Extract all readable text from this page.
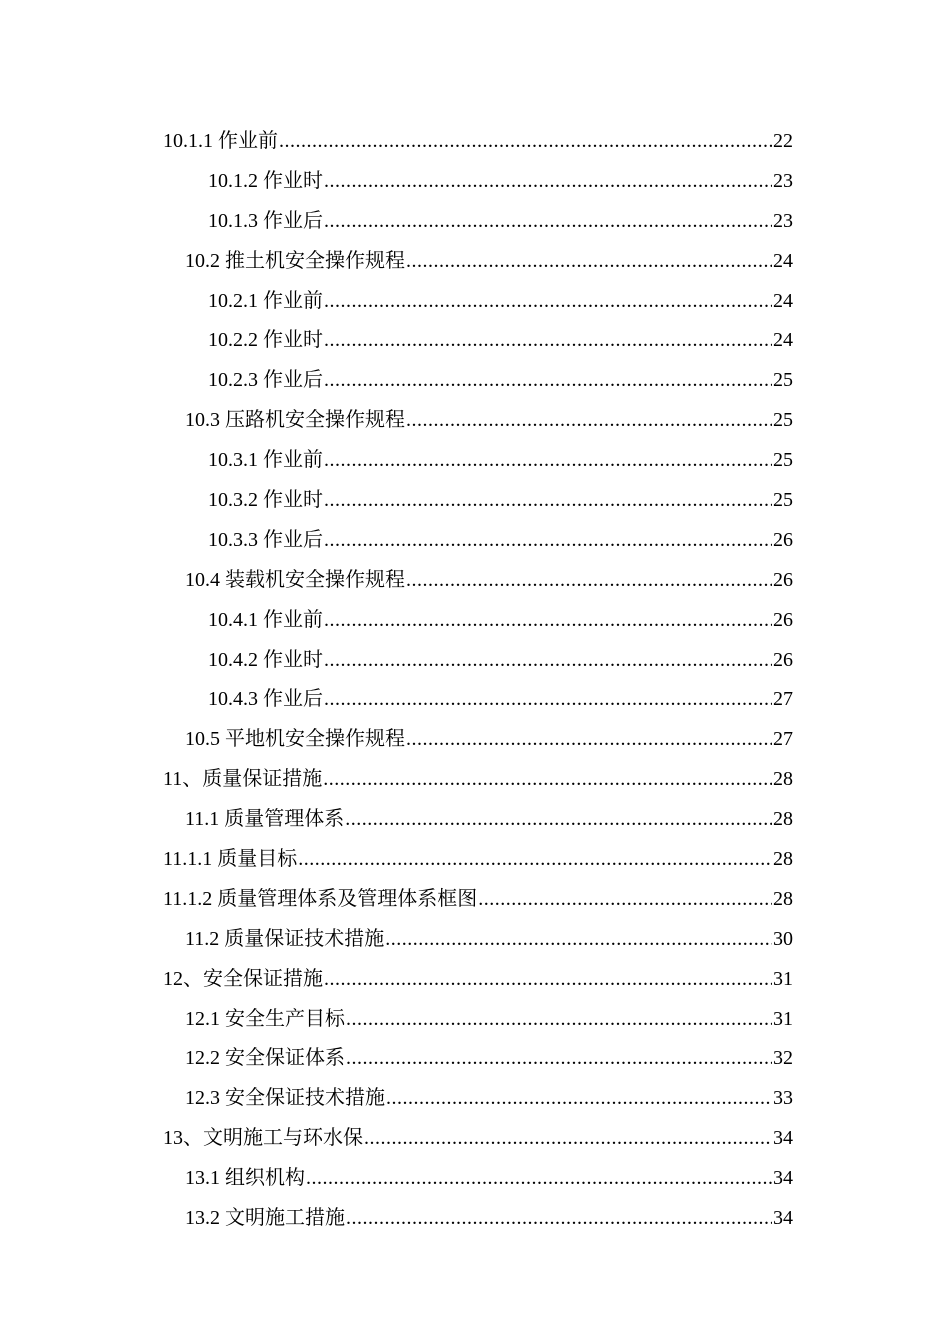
10.1.1 作业前 .....	22
10.1.2 作业时 .....	23
10.1.3 作业后 .....	23
10.2 推土机安全操作规程 .....	24
10.2.1 作业前 .....	24
10.2.2 作业时 .....	24
10.2.3 作业后 .....	25
10.3 压路机安全操作规程 .....	25
10.3.1 作业前 .....	25
10.3.2 作业时 .....	25
10.3.3 作业后 .....	26
10.4 装载机安全操作规程 .....	26
10.4.1 作业前 .....	26
10.4.2 作业时 .....	26
10.4.3 作业后 .....	27
10.5 平地机安全操作规程 .....	27
11、质量保证措施 .....	28
11.1 质量管理体系 .....	28
11.1.1 质量目标 .....	28
11.1.2 质量管理体系及管理体系框图 .....	28
11.2 质量保证技术措施 .....	30
12、安全保证措施 .....	31
12.1 安全生产目标 .....	31
12.2 安全保证体系 .....	32
12.3 安全保证技术措施 .....	33
13、文明施工与环水保 .....	34
13.1 组织机构 .....	34
13.2 文明施工措施 .....	34
